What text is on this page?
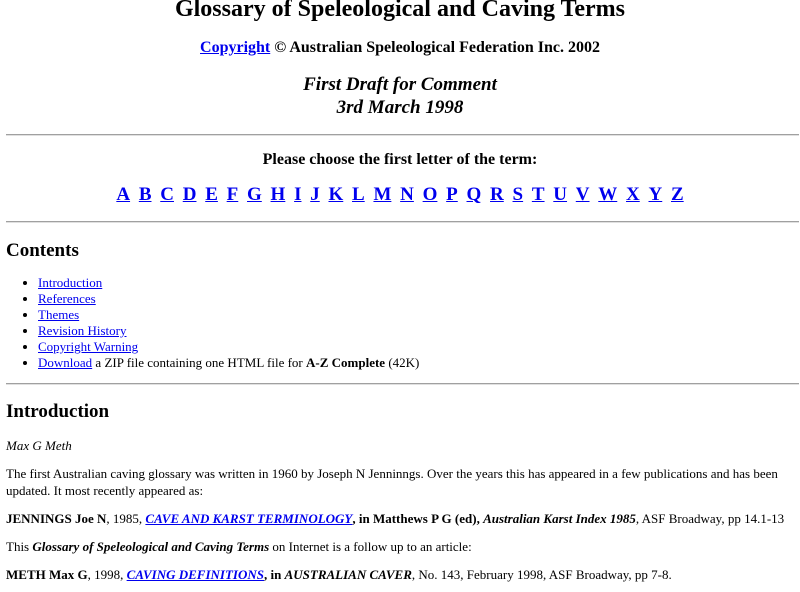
Glossary of Speleological and Caving Terms
Copyright © Australian Speleological Federation Inc. 2002
First Draft for Comment
3rd March 1998
Please choose the first letter of the term:
A B C D E F G H I J K L M N O P Q R S T U V W X Y Z
Contents
• Introduction
• References
• Themes
• Revision History
• Copyright Warning
• Download a ZIP file containing one HTML file for A-Z Complete (42K)
Introduction

Max G Meth

The first Australian caving glossary was written in 1960 by Joseph N Jenninngs. Over the years this has appeared in a few publications and has been updated. It most recently appeared as:

JENNINGS Joe N, 1985, CAVE AND KARST TERMINOLOGY, in Matthews P G (ed), Australian Karst Index 1985, ASF Broadway, pp 14.1-13

This Glossary of Speleological and Caving Terms on Internet is a follow up to an article:

METH Max G, 1998, CAVING DEFINITIONS, in AUSTRALIAN CAVER, No. 143, February 1998, ASF Broadway, pp 7-8.
